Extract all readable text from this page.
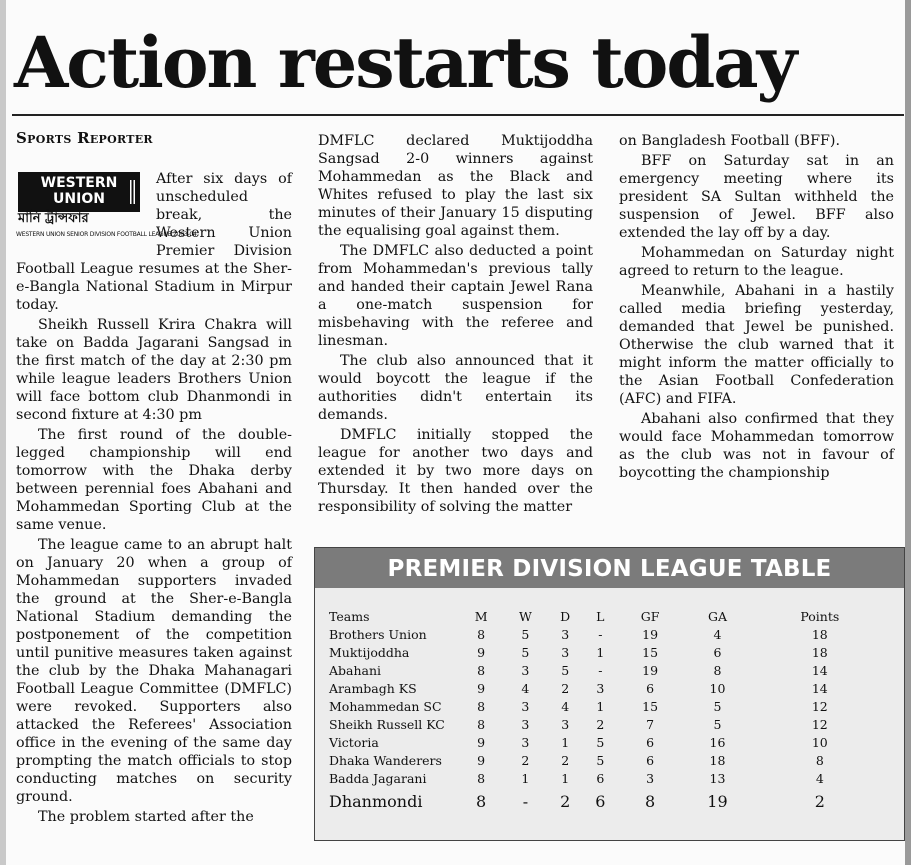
Action restarts today
Sports Reporter
WESTERN
UNION
মানি ট্রান্সফার
WESTERN UNION SENIOR DIVISION FOOTBALL LEAGUE 2003-04

After six days of unscheduled break, the Western Union Premier Division Football League resumes at the Sher-e-Bangla National Stadium in Mirpur today.

Sheikh Russell Krira Chakra will take on Badda Jagarani Sangsad in the first match of the day at 2:30 pm while league leaders Brothers Union will face bottom club Dhanmondi in second fixture at 4:30 pm

The first round of the double-legged championship will end tomorrow with the Dhaka derby between perennial foes Abahani and Mohammedan Sporting Club at the same venue.

The league came to an abrupt halt on January 20 when a group of Mohammedan supporters invaded the ground at the Sher-e-Bangla National Stadium demanding the postponement of the competition until punitive measures taken against the club by the Dhaka Mahanagari Football League Committee (DMFLC) were revoked. Supporters also attacked the Referees' Association office in the evening of the same day prompting the match officials to stop conducting matches on security ground.

The problem started after the

DMFLC declared Muktijoddha Sangsad 2-0 winners against Mohammedan as the Black and Whites refused to play the last six minutes of their January 15 disputing the equalising goal against them.

The DMFLC also deducted a point from Mohammedan's previous tally and handed their captain Jewel Rana a one-match suspension for misbehaving with the referee and linesman.

The club also announced that it would boycott the league if the authorities didn't entertain its demands.

DMFLC initially stopped the league for another two days and extended it by two more days on Thursday. It then handed over the responsibility of solving the matter

on Bangladesh Football (BFF).

BFF on Saturday sat in an emergency meeting where its president SA Sultan withheld the suspension of Jewel. BFF also extended the lay off by a day.

Mohammedan on Saturday night agreed to return to the league.

Meanwhile, Abahani in a hastily called media briefing yesterday, demanded that Jewel be punished. Otherwise the club warned that it might inform the matter officially to the Asian Football Confederation (AFC) and FIFA.

Abahani also confirmed that they would face Mohammedan tomorrow as the club was not in favour of boycotting the championship

PREMIER DIVISION LEAGUE TABLE
Teams	M	W	D	L	GF	GA	Points
Brothers Union	8	5	3	-	19	4	18
Muktijoddha	9	5	3	1	15	6	18
Abahani	8	3	5	-	19	8	14
Arambagh KS	9	4	2	3	6	10	14
Mohammedan SC	8	3	4	1	15	5	12
Sheikh Russell KC	8	3	3	2	7	5	12
Victoria	9	3	1	5	6	16	10
Dhaka Wanderers	9	2	2	5	6	18	8
Badda Jagarani	8	1	1	6	3	13	4
Dhanmondi	8	-	2	6	8	19	2
